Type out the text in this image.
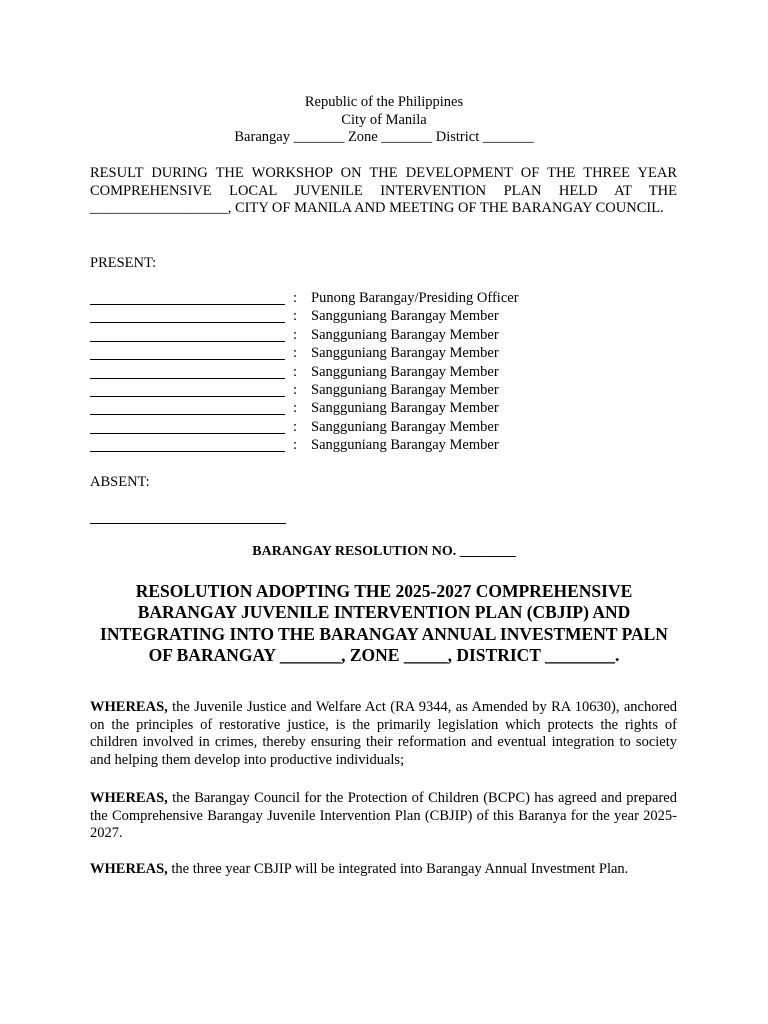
Republic of the Philippines
City of Manila
Barangay _______ Zone _______ District _______
RESULT DURING THE WORKSHOP ON THE DEVELOPMENT OF THE THREE YEAR COMPREHENSIVE LOCAL JUVENILE INTERVENTION PLAN HELD AT THE ___________________, CITY OF MANILA AND MEETING OF THE BARANGAY COUNCIL.
PRESENT:
: Punong Barangay/Presiding Officer
: Sangguniang Barangay Member
: Sangguniang Barangay Member
: Sangguniang Barangay Member
: Sangguniang Barangay Member
: Sangguniang Barangay Member
: Sangguniang Barangay Member
: Sangguniang Barangay Member
: Sangguniang Barangay Member
ABSENT:
BARANGAY RESOLUTION NO. ________
RESOLUTION ADOPTING THE 2025-2027 COMPREHENSIVE
BARANGAY JUVENILE INTERVENTION PLAN (CBJIP) AND
INTEGRATING INTO THE BARANGAY ANNUAL INVESTMENT PALN
OF BARANGAY _______, ZONE _____, DISTRICT ________.
WHEREAS, the Juvenile Justice and Welfare Act (RA 9344, as Amended by RA 10630), anchored on the principles of restorative justice, is the primarily legislation which protects the rights of children involved in crimes, thereby ensuring their reformation and eventual integration to society and helping them develop into productive individuals;
WHEREAS, the Barangay Council for the Protection of Children (BCPC) has agreed and prepared the Comprehensive Barangay Juvenile Intervention Plan (CBJIP) of this Baranya for the year 2025-2027.
WHEREAS, the three year CBJIP will be integrated into Barangay Annual Investment Plan.
